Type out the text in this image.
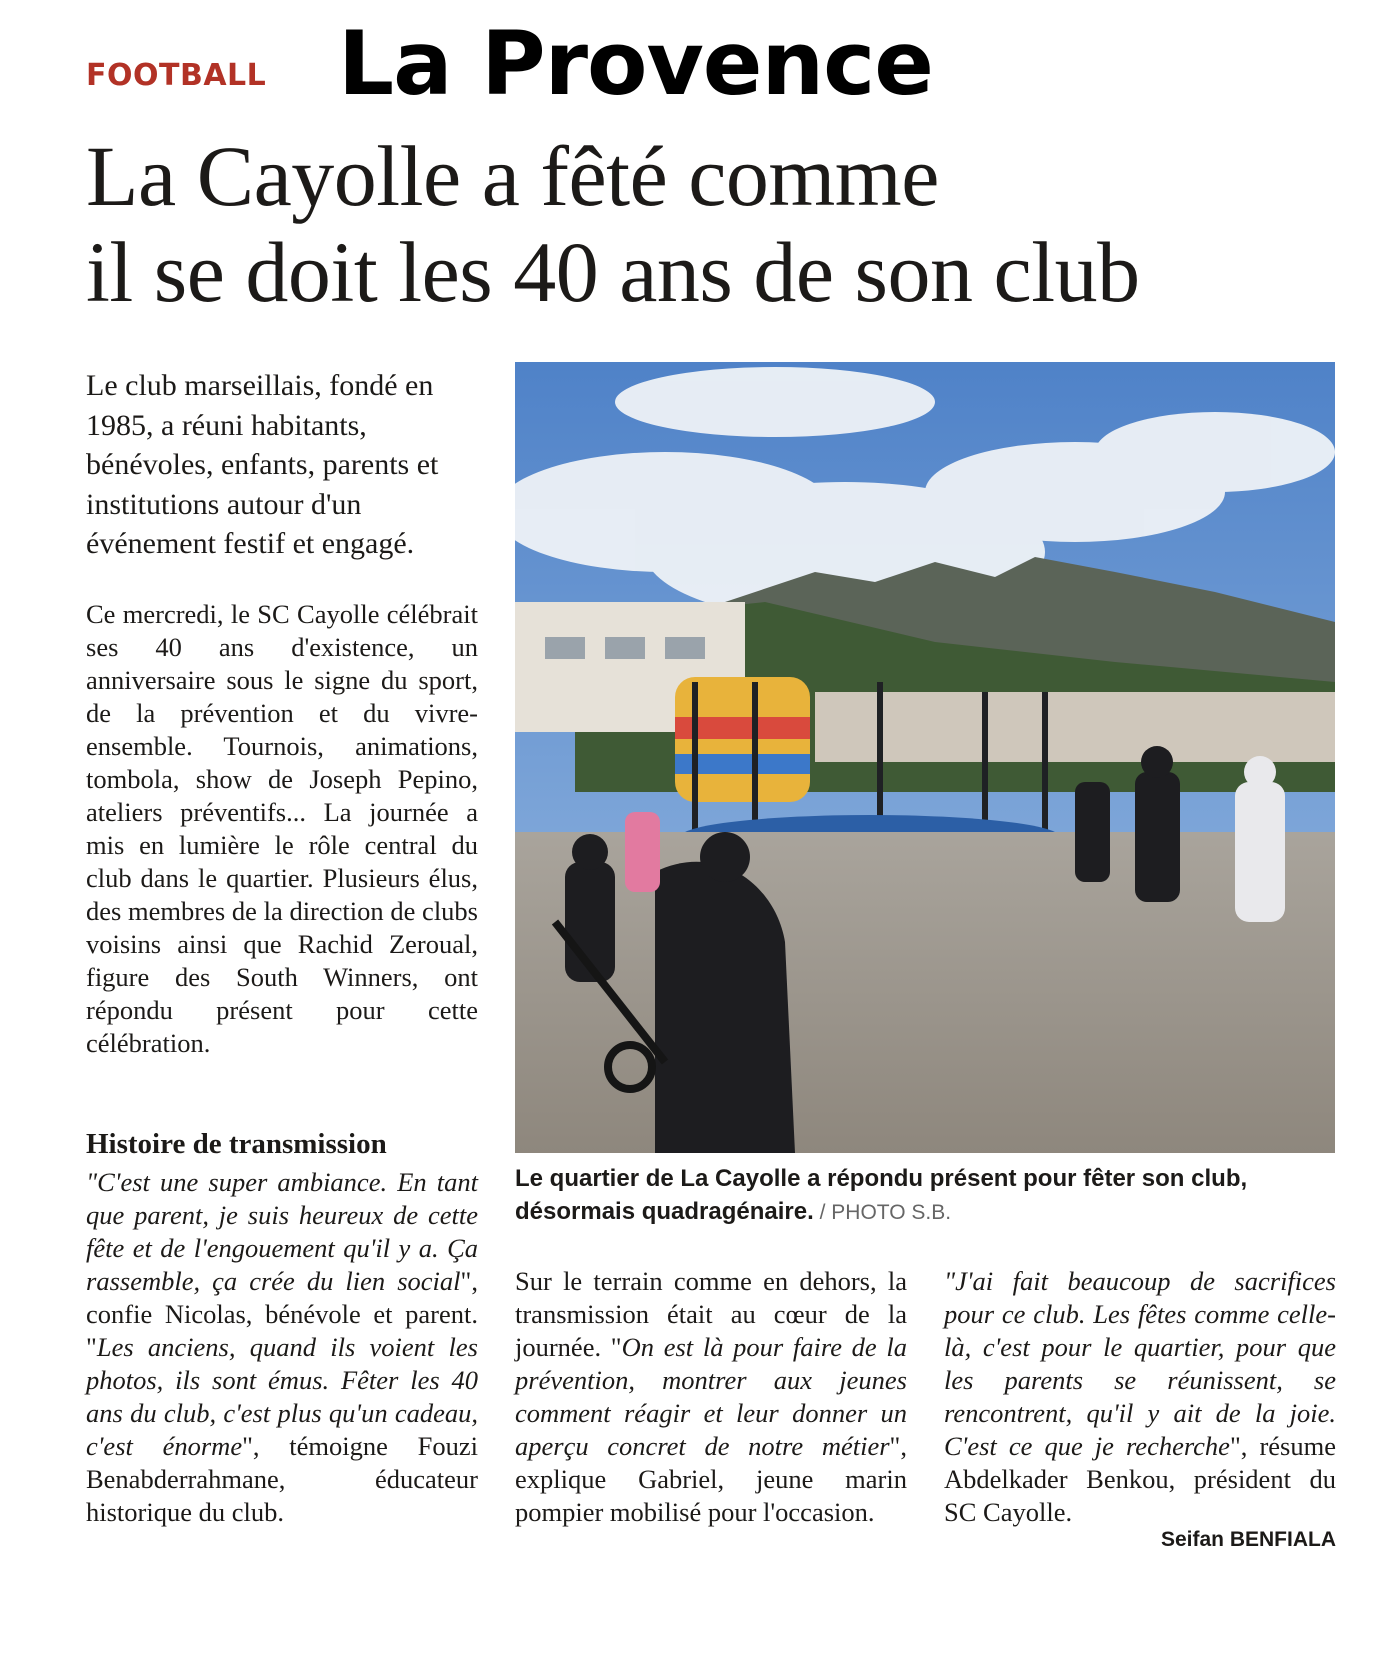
FOOTBALL La Provence
La Cayolle a fêté comme
il se doit les 40 ans de son club
Le club marseillais, fondé en 1985, a réuni habitants, bénévoles, enfants, parents et institutions autour d'un événement festif et engagé.
Ce mercredi, le SC Cayolle célébrait ses 40 ans d'existence, un anniversaire sous le signe du sport, de la prévention et du vivre-ensemble. Tournois, animations, tombola, show de Joseph Pepino, ateliers préventifs... La journée a mis en lumière le rôle central du club dans le quartier. Plusieurs élus, des membres de la direction de clubs voisins ainsi que Rachid Zeroual, figure des South Winners, ont répondu présent pour cette célébration.
Histoire de transmission
"C'est une super ambiance. En tant que parent, je suis heureux de cette fête et de l'engouement qu'il y a. Ça rassemble, ça crée du lien social", confie Nicolas, bénévole et parent. "Les anciens, quand ils voient les photos, ils sont émus. Fêter les 40 ans du club, c'est plus qu'un cadeau, c'est énorme", témoigne Fouzi Benabderrahmane, éducateur historique du club.
Sur le terrain comme en dehors, la transmission était au cœur de la journée. "On est là pour faire de la prévention, montrer aux jeunes comment réagir et leur donner un aperçu concret de notre métier", explique Gabriel, jeune marin pompier mobilisé pour l'occasion.
"J'ai fait beaucoup de sacrifices pour ce club. Les fêtes comme celle-là, c'est pour le quartier, pour que les parents se réunissent, se rencontrent, qu'il y ait de la joie. C'est ce que je recherche", résume Abdelkader Benkou, président du SC Cayolle.
Seifan BENFIALA
Le quartier de La Cayolle a répondu présent pour fêter son club, désormais quadragénaire. / PHOTO S.B.
